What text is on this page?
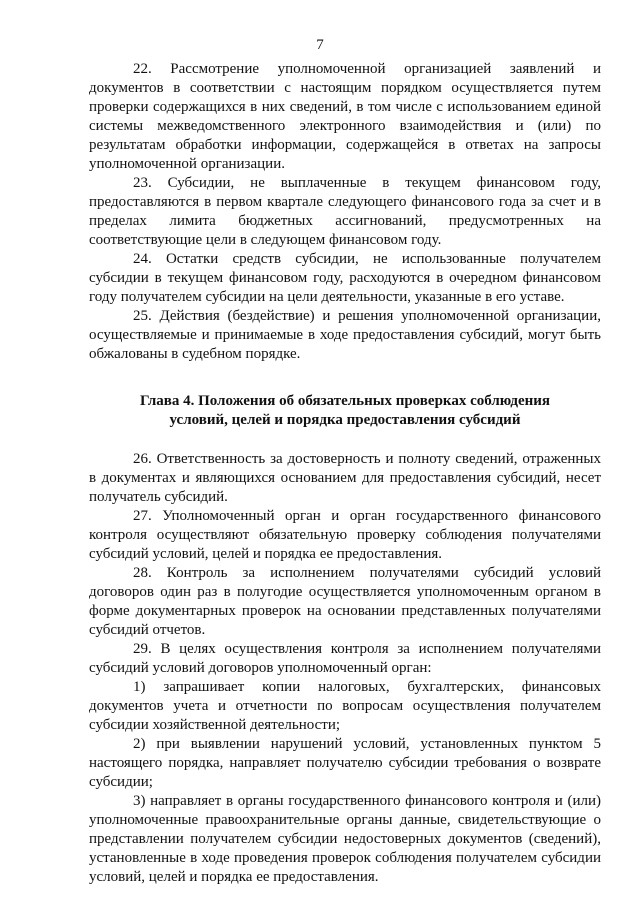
7

22. Рассмотрение уполномоченной организацией заявлений и документов в соответствии с настоящим порядком осуществляется путем проверки содержащихся в них сведений, в том числе с использованием единой системы межведомственного электронного взаимодействия и (или) по результатам обработки информации, содержащейся в ответах на запросы уполномоченной организации.

23. Субсидии, не выплаченные в текущем финансовом году, предоставляются в первом квартале следующего финансового года за счет и в пределах лимита бюджетных ассигнований, предусмотренных на соответствующие цели в следующем финансовом году.

24. Остатки средств субсидии, не использованные получателем субсидии в текущем финансовом году, расходуются в очередном финансовом году получателем субсидии на цели деятельности, указанные в его уставе.

25. Действия (бездействие) и решения уполномоченной организации, осуществляемые и принимаемые в ходе предоставления субсидий, могут быть обжалованы в судебном порядке.

Глава 4. Положения об обязательных проверках соблюдения
условий, целей и порядка предоставления субсидий

26. Ответственность за достоверность и полноту сведений, отраженных в документах и являющихся основанием для предоставления субсидий, несет получатель субсидий.

27. Уполномоченный орган и орган государственного финансового контроля осуществляют обязательную проверку соблюдения получателями субсидий условий, целей и порядка ее предоставления.

28. Контроль за исполнением получателями субсидий условий договоров один раз в полугодие осуществляется уполномоченным органом в форме документарных проверок на основании представленных получателями субсидий отчетов.

29. В целях осуществления контроля за исполнением получателями субсидий условий договоров уполномоченный орган:

1) запрашивает копии налоговых, бухгалтерских, финансовых документов учета и отчетности по вопросам осуществления получателем субсидии хозяйственной деятельности;

2) при выявлении нарушений условий, установленных пунктом 5 настоящего порядка, направляет получателю субсидии требования о возврате субсидии;

3) направляет в органы государственного финансового контроля и (или) уполномоченные правоохранительные органы данные, свидетельствующие о представлении получателем субсидии недостоверных документов (сведений), установленные в ходе проведения проверок соблюдения получателем субсидии условий, целей и порядка ее предоставления.
